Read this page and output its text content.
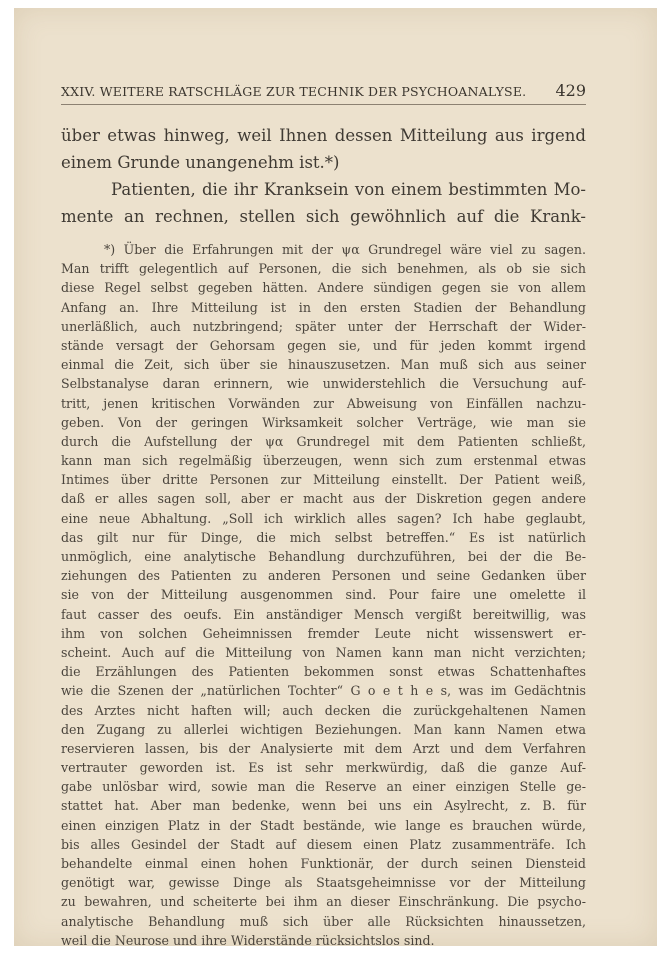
XXIV. WEITERE RATSCHLÄGE ZUR TECHNIK DER PSYCHOANALYSE. 429
über etwas hinweg, weil Ihnen dessen Mitteilung aus irgend
einem Grunde unangenehm ist.*)
Patienten, die ihr Kranksein von einem bestimmten Mo-
mente an rechnen, stellen sich gewöhnlich auf die Krank-
*) Über die Erfahrungen mit der ψα Grundregel wäre viel zu sagen.
Man trifft gelegentlich auf Personen, die sich benehmen, als ob sie sich
diese Regel selbst gegeben hätten. Andere sündigen gegen sie von allem
Anfang an. Ihre Mitteilung ist in den ersten Stadien der Behandlung
unerläßlich, auch nutzbringend; später unter der Herrschaft der Wider-
stände versagt der Gehorsam gegen sie, und für jeden kommt irgend
einmal die Zeit, sich über sie hinauszusetzen. Man muß sich aus seiner
Selbstanalyse daran erinnern, wie unwiderstehlich die Versuchung auf-
tritt, jenen kritischen Vorwänden zur Abweisung von Einfällen nachzu-
geben. Von der geringen Wirksamkeit solcher Verträge, wie man sie
durch die Aufstellung der ψα Grundregel mit dem Patienten schließt,
kann man sich regelmäßig überzeugen, wenn sich zum erstenmal etwas
Intimes über dritte Personen zur Mitteilung einstellt. Der Patient weiß,
daß er alles sagen soll, aber er macht aus der Diskretion gegen andere
eine neue Abhaltung. „Soll ich wirklich alles sagen? Ich habe geglaubt,
das gilt nur für Dinge, die mich selbst betreffen.“ Es ist natürlich
unmöglich, eine analytische Behandlung durchzuführen, bei der die Be-
ziehungen des Patienten zu anderen Personen und seine Gedanken über
sie von der Mitteilung ausgenommen sind. Pour faire une omelette il
faut casser des oeufs. Ein anständiger Mensch vergißt bereitwillig, was
ihm von solchen Geheimnissen fremder Leute nicht wissenswert er-
scheint. Auch auf die Mitteilung von Namen kann man nicht verzichten;
die Erzählungen des Patienten bekommen sonst etwas Schattenhaftes
wie die Szenen der „natürlichen Tochter“ G o e t h e s, was im Gedächtnis
des Arztes nicht haften will; auch decken die zurückgehaltenen Namen
den Zugang zu allerlei wichtigen Beziehungen. Man kann Namen etwa
reservieren lassen, bis der Analysierte mit dem Arzt und dem Verfahren
vertrauter geworden ist. Es ist sehr merkwürdig, daß die ganze Auf-
gabe unlösbar wird, sowie man die Reserve an einer einzigen Stelle ge-
stattet hat. Aber man bedenke, wenn bei uns ein Asylrecht, z. B. für
einen einzigen Platz in der Stadt bestände, wie lange es brauchen würde,
bis alles Gesindel der Stadt auf diesem einen Platz zusammenträfe. Ich
behandelte einmal einen hohen Funktionär, der durch seinen Diensteid
genötigt war, gewisse Dinge als Staatsgeheimnisse vor der Mitteilung
zu bewahren, und scheiterte bei ihm an dieser Einschränkung. Die psycho-
analytische Behandlung muß sich über alle Rücksichten hinaussetzen,
weil die Neurose und ihre Widerstände rücksichtslos sind.
